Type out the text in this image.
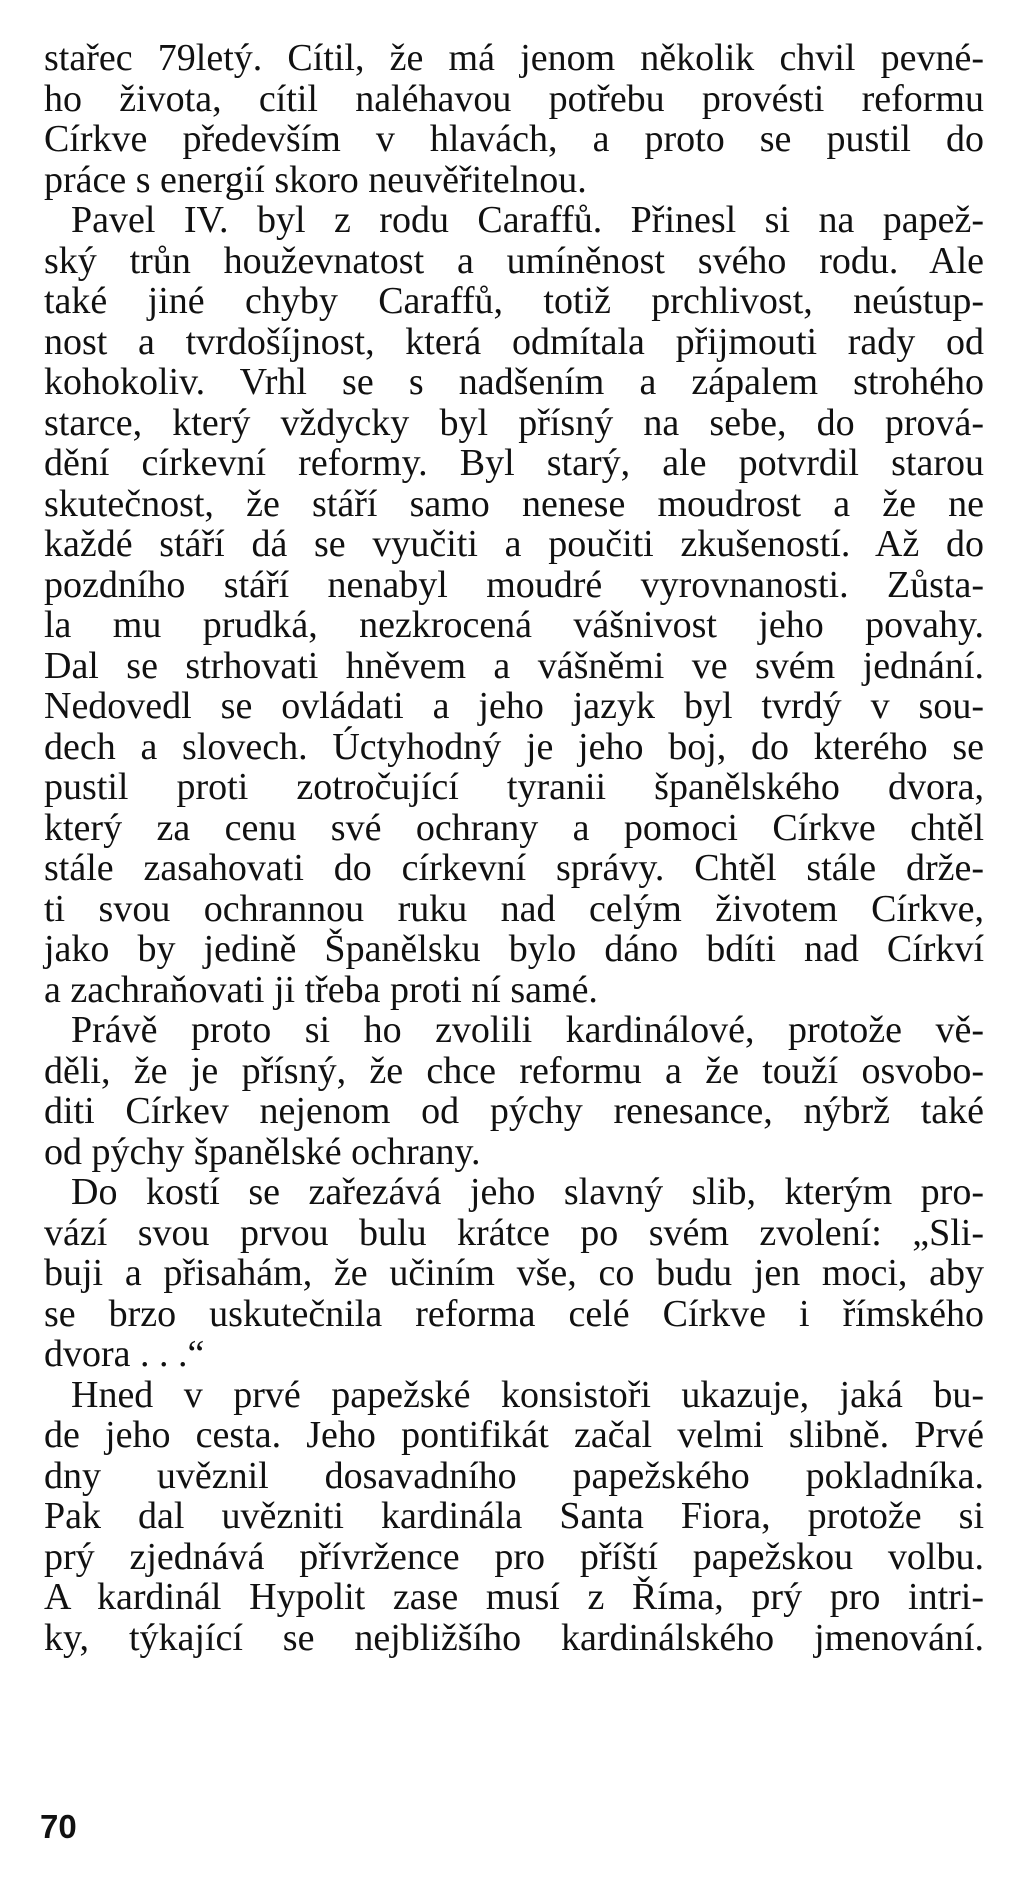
stařec 79letý. Cítil, že má jenom několik chvil pevné-
ho života, cítil naléhavou potřebu provésti reformu
Církve především v hlavách, a proto se pustil do
práce s energií skoro neuvěřitelnou.
Pavel IV. byl z rodu Caraffů. Přinesl si na papež-
ský trůn houževnatost a umíněnost svého rodu. Ale
také jiné chyby Caraffů, totiž prchlivost, neústup-
nost a tvrdošíjnost, která odmítala přijmouti rady od
kohokoliv. Vrhl se s nadšením a zápalem strohého
starce, který vždycky byl přísný na sebe, do prová-
dění církevní reformy. Byl starý, ale potvrdil starou
skutečnost, že stáří samo nenese moudrost a že ne
každé stáří dá se vyučiti a poučiti zkušeností. Až do
pozdního stáří nenabyl moudré vyrovnanosti. Zůsta-
la mu prudká, nezkrocená vášnivost jeho povahy.
Dal se strhovati hněvem a vášněmi ve svém jednání.
Nedovedl se ovládati a jeho jazyk byl tvrdý v sou-
dech a slovech. Úctyhodný je jeho boj, do kterého se
pustil proti zotročující tyranii španělského dvora,
který za cenu své ochrany a pomoci Církve chtěl
stále zasahovati do církevní správy. Chtěl stále drže-
ti svou ochrannou ruku nad celým životem Církve,
jako by jedině Španělsku bylo dáno bdíti nad Církví
a zachraňovati ji třeba proti ní samé.
Právě proto si ho zvolili kardinálové, protože vě-
děli, že je přísný, že chce reformu a že touží osvobo-
diti Církev nejenom od pýchy renesance, nýbrž také
od pýchy španělské ochrany.
Do kostí se zařezává jeho slavný slib, kterým pro-
vází svou prvou bulu krátce po svém zvolení: „Sli-
buji a přisahám, že učiním vše, co budu jen moci, aby
se brzo uskutečnila reforma celé Církve i římského
dvora . . .“
Hned v prvé papežské konsistoři ukazuje, jaká bu-
de jeho cesta. Jeho pontifikát začal velmi slibně. Prvé
dny uvěznil dosavadního papežského pokladníka.
Pak dal uvězniti kardinála Santa Fiora, protože si
prý zjednává přívržence pro příští papežskou volbu.
A kardinál Hypolit zase musí z Říma, prý pro intri-
ky, týkající se nejbližšího kardinálského jmenování.
70
